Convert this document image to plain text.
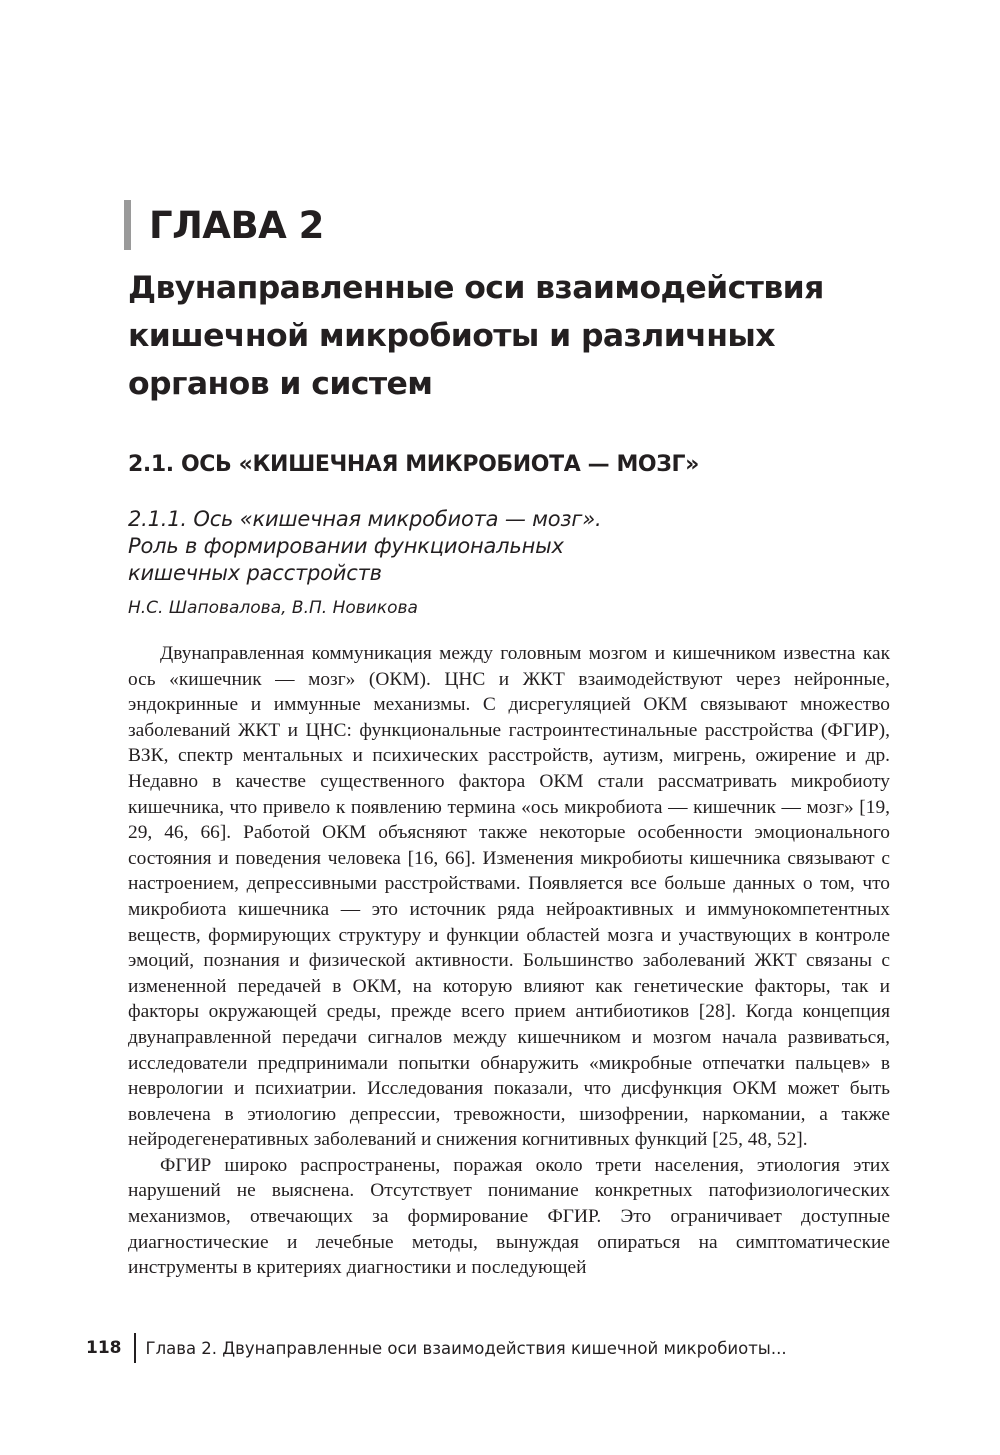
ГЛАВА 2
Двунаправленные оси взаимодействия
кишечной микробиоты и различных
органов и систем
2.1. ОСЬ «КИШЕЧНАЯ МИКРОБИОТА — МОЗГ»
2.1.1. Ось «кишечная микробиота — мозг».
Роль в формировании функциональных
кишечных расстройств
Н.С. Шаповалова, В.П. Новикова

Двунаправленная коммуникация между головным мозгом и кишечником известна как ось «кишечник — мозг» (ОКМ). ЦНС и ЖКТ взаимодействуют через нейронные, эндокринные и иммунные механизмы. С дисрегуляцией ОКМ связывают множество заболеваний ЖКТ и ЦНС: функциональные гастроинтестинальные расстройства (ФГИР), ВЗК, спектр ментальных и психических расстройств, аутизм, мигрень, ожирение и др. Недавно в качестве существенного фактора ОКМ стали рассматривать микробиоту кишечника, что привело к появлению термина «ось микробиота — кишечник — мозг» [19, 29, 46, 66]. Работой ОКМ объясняют также некоторые особенности эмоционального состояния и поведения человека [16, 66]. Изменения микробиоты кишечника связывают с настроением, депрессивными расстройствами. Появляется все больше данных о том, что микробиота кишечника — это источник ряда нейроактивных и иммунокомпетентных веществ, формирующих структуру и функции областей мозга и участвующих в контроле эмоций, познания и физической активности. Большинство заболеваний ЖКТ связаны с измененной передачей в ОКМ, на которую влияют как генетические факторы, так и факторы окружающей среды, прежде всего прием антибиотиков [28]. Когда концепция двунаправленной передачи сигналов между кишечником и мозгом начала развиваться, исследователи предпринимали попытки обнаружить «микробные отпечатки пальцев» в неврологии и психиатрии. Исследования показали, что дисфункция ОКМ может быть вовлечена в этиологию депрессии, тревожности, шизофрении, наркомании, а также нейродегенеративных заболеваний и снижения когнитивных функций [25, 48, 52].

ФГИР широко распространены, поражая около трети населения, этиология этих нарушений не выяснена. Отсутствует понимание конкретных патофизиологических механизмов, отвечающих за формирование ФГИР. Это ограничивает доступные диагностические и лечебные методы, вынуждая опираться на симптоматические инструменты в критериях диагностики и последующей

118 Глава 2. Двунаправленные оси взаимодействия кишечной микробиоты...
